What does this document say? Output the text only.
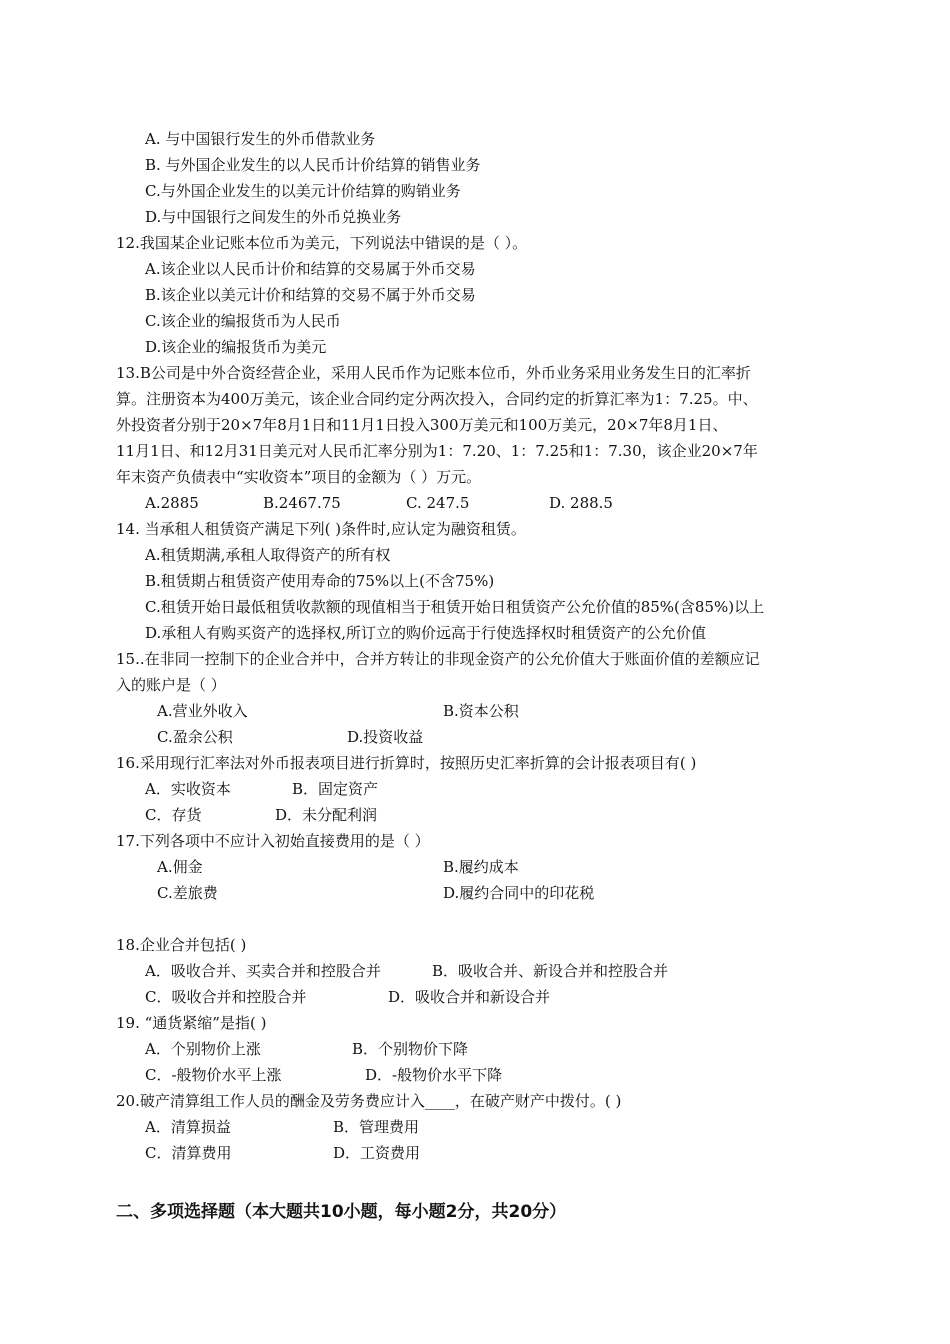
A. 与中国银行发生的外币借款业务
B. 与外国企业发生的以人民币计价结算的销售业务
C.与外国企业发生的以美元计价结算的购销业务
D.与中国银行之间发生的外币兑换业务
12.我国某企业记账本位币为美元，下列说法中错误的是（ ）。
A.该企业以人民币计价和结算的交易属于外币交易
B.该企业以美元计价和结算的交易不属于外币交易
C.该企业的编报货币为人民币
D.该企业的编报货币为美元
13.B公司是中外合资经营企业，采用人民币作为记账本位币，外币业务采用业务发生日的汇率折
算。注册资本为400万美元，该企业合同约定分两次投入，合同约定的折算汇率为1：7.25。中、
外投资者分别于20×7年8月1日和11月1日投入300万美元和100万美元，20×7年8月1日、
11月1日、和12月31日美元对人民币汇率分别为1：7.20、1：7.25和1：7.30，该企业20×7年
年末资产负债表中“实收资本”项目的金额为（ ）万元。
A.2885	B.2467.75	C. 247.5	D. 288.5
14. 当承租人租赁资产满足下列( )条件时,应认定为融资租赁。
A.租赁期满,承租人取得资产的所有权
B.租赁期占租赁资产使用寿命的75%以上(不含75%)
C.租赁开始日最低租赁收款额的现值相当于租赁开始日租赁资产公允价值的85%(含85%)以上
D.承租人有购买资产的选择权,所订立的购价远高于行使选择权时租赁资产的公允价值
15..在非同一控制下的企业合并中，合并方转让的非现金资产的公允价值大于账面价值的差额应记
入的账户是（ ）
A.营业外收入	B.资本公积
C.盈余公积	D.投资收益
16.采用现行汇率法对外币报表项目进行折算时，按照历史汇率折算的会计报表项目有( )
A．实收资本	B．固定资产
C．存货	D．未分配利润
17.下列各项中不应计入初始直接费用的是（ ）
A.佣金	B.履约成本
C.差旅费	D.履约合同中的印花税
18.企业合并包括( )
A．吸收合并、买卖合并和控股合并	B．吸收合并、新设合并和控股合并
C．吸收合并和控股合并	D．吸收合并和新设合并
19. “通货紧缩”是指( )
A．个别物价上涨	B．个别物价下降
C．-般物价水平上涨	D．-般物价水平下降
20.破产清算组工作人员的酬金及劳务费应计入____，在破产财产中拨付。( )
A．清算损益	B．管理费用
C．清算费用	D．工资费用
二、多项选择题（本大题共10小题，每小题2分，共20分）
